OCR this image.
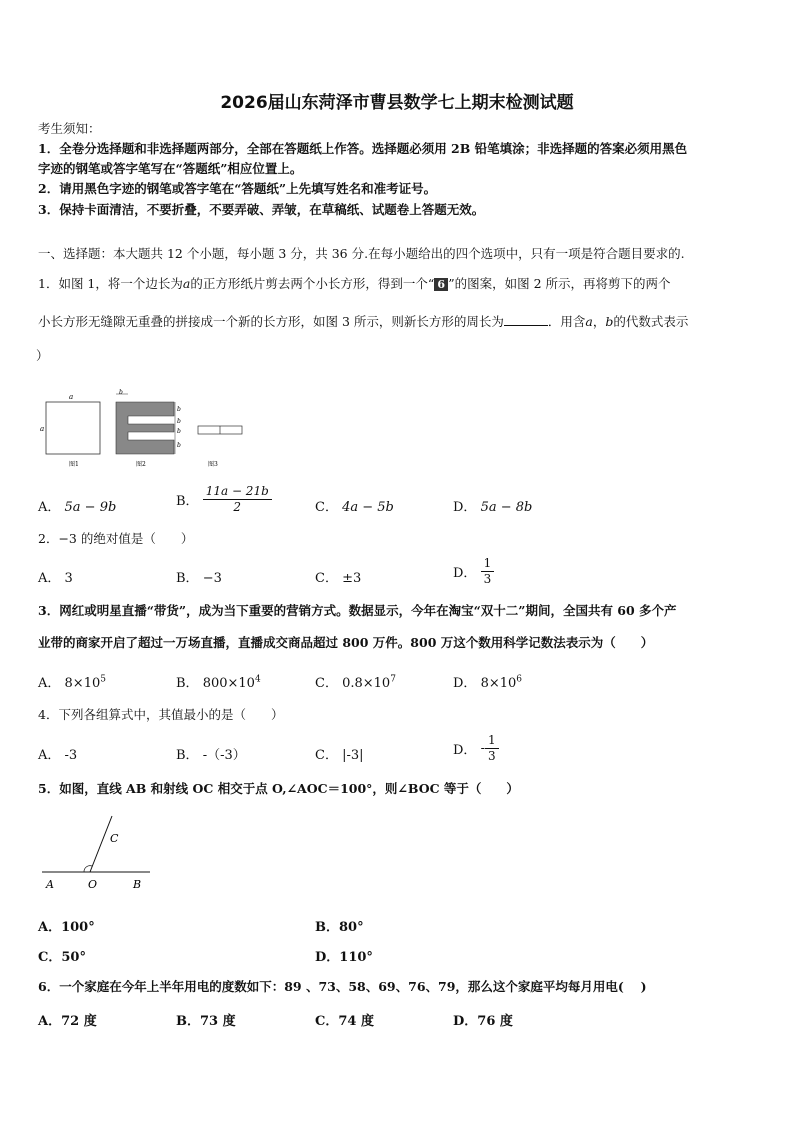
2026届山东菏泽市曹县数学七上期末检测试题
考生须知：
1．全卷分选择题和非选择题两部分，全部在答题纸上作答。选择题必须用 2B 铅笔填涂；非选择题的答案必须用黑色
字迹的钢笔或答字笔写在“答题纸”相应位置上。
2．请用黑色字迹的钢笔或答字笔在“答题纸”上先填写姓名和准考证号。
3．保持卡面清洁，不要折叠，不要弄破、弄皱，在草稿纸、试题卷上答题无效。
一、选择题：本大题共 12 个小题，每小题 3 分，共 36 分.在每小题给出的四个选项中，只有一项是符合题目要求的.
1．如图 1，将一个边长为a的正方形纸片剪去两个小长方形，得到一个“ 6 ”的图案，如图 2 所示，再将剪下的两个
小长方形无缝隙无重叠的拼接成一个新的长方形，如图 3 所示，则新长方形的周长为	．用含a，b的代数式表示
）
a
a
图1
b
b
b
b
b
图2	图3
A． 5a − 9b	B． $\frac{11a - 21b}{2}$	C． 4a − 5b	D． 5a − 8b
2．−3 的绝对值是（　　）
A． 3	B． −3	C． ±3	D． $\frac{1}{3}$
3．网红或明星直播“带货”，成为当下重要的营销方式。数据显示，今年在淘宝“双十二”期间，全国共有 60 多个产
业带的商家开启了超过一万场直播，直播成交商品超过 800 万件。800 万这个数用科学记数法表示为（　　）
A． $8\times 10^5$	B． $800\times 10^4$	C． $0.8\times 10^7$	D． $8\times 10^6$
4．下列各组算式中，其值最小的是（　　）
A． -3	B． -（-3）	C． |-3|	D． - $\frac{1}{3}$
5．如图，直线 AB 和射线 OC 相交于点 O,∠AOC＝100°，则∠BOC 等于（　　）
A	O	B
C
A．100°	B．80°
C．50°	D．110°
6．一个家庭在今年上半年用电的度数如下：89 、73、58、69、76、79，那么这个家庭平均每月用电(　 )
A．72 度	B．73 度	C．74 度	D．76 度
